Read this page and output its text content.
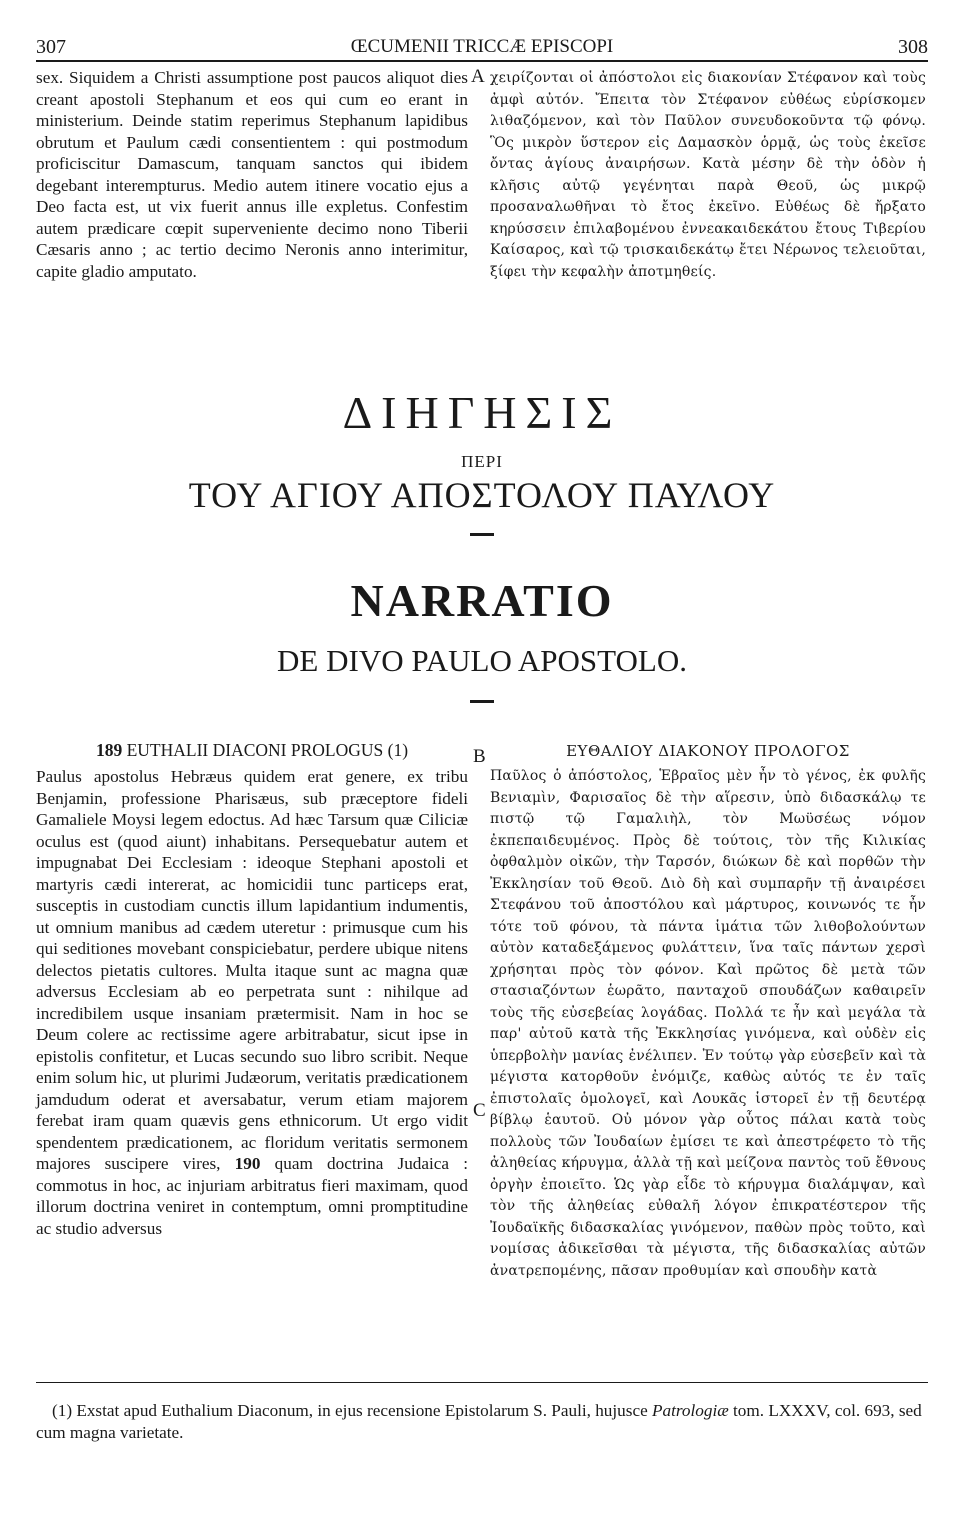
307	ŒCUMENII TRICCÆ EPISCOPI	308

sex. Siquidem a Christi assumptione post paucos aliquot dies creant apostoli Stephanum et eos qui cum eo erant in ministerium. Deinde statim reperimus Stephanum lapidibus obrutum et Paulum cædi consentientem : qui postmodum proficiscitur Damascum, tanquam sanctos qui ibidem degebant interempturus. Medio autem itinere vocatio ejus a Deo facta est, ut vix fuerit annus ille expletus. Confestim autem prædicare cœpit superveniente decimo nono Tiberii Cæsaris anno ; ac tertio decimo Neronis anno interimitur, capite gladio amputato.

A χειρίζονται οἱ ἀπόστολοι εἰς διακονίαν Στέφανον καὶ τοὺς ἀμφὶ αὐτόν. Ἔπειτα τὸν Στέφανον εὐθέως εὑρίσκομεν λιθαζόμενον, καὶ τὸν Παῦλον συνευδοκοῦντα τῷ φόνῳ. Ὃς μικρὸν ὕστερον εἰς Δαμασκὸν ὁρμᾷ, ὡς τοὺς ἐκεῖσε ὄντας ἁγίους ἀναιρήσων. Κατὰ μέσην δὲ τὴν ὁδὸν ἡ κλῆσις αὐτῷ γεγένηται παρὰ Θεοῦ, ὡς μικρῷ προσαναλωθῆναι τὸ ἔτος ἐκεῖνο. Εὐθέως δὲ ἤρξατο κηρύσσειν ἐπιλαβομένου ἐννεακαιδεκάτου ἔτους Τιβερίου Καίσαρος, καὶ τῷ τρισκαιδεκάτῳ ἔτει Νέρωνος τελειοῦται, ξίφει τὴν κεφαλὴν ἀποτμηθείς.

ΔΙΗΓΗΣΙΣ
ΠΕΡΙ
ΤΟΥ ΑΓΙΟΥ ΑΠΟΣΤΟΛΟΥ ΠΑΥΛΟΥ
NARRATIO
DE DIVO PAULO APOSTOLO.
189 EUTHALII DIACONI PROLOGUS (1)	B	ΕΥΘΑΛΙΟΥ ΔΙΑΚΟΝΟΥ ΠΡΟΛΟΓΟΣ

Paulus apostolus Hebræus quidem erat genere, ex tribu Benjamin, professione Pharisæus, sub præceptore fideli Gamaliele Moysi legem edoctus. Ad hæc Tarsum quæ Ciliciæ oculus est (quod aiunt) inhabitans. Persequebatur autem et impugnabat Dei Ecclesiam : ideoque Stephani apostoli et martyris cædi intererat, ac homicidii tunc particeps erat, susceptis in custodiam cunctis illum lapidantium indumentis, ut omnium manibus ad cædem uteretur : primusque cum his qui seditiones movebant conspiciebatur, perdere ubique nitens delectos pietatis cultores. Multa itaque sunt ac magna quæ adversus Ecclesiam ab eo perpetrata sunt : nihilque ad incredibilem usque insaniam prætermisit. Nam in hoc se Deum colere ac rectissime agere arbitrabatur, sicut ipse in epistolis confitetur, et Lucas secundo suo libro scribit. Neque enim solum hic, ut plurimi Judæorum, veritatis prædicationem jamdudum oderat et aversabatur, verum etiam majorem ferebat iram quam quævis gens ethnicorum. Ut ergo vidit spendentem prædicationem, ac floridum veritatis sermonem majores suscipere vires, 190 quam doctrina Judaica : commotus in hoc, ac injuriam arbitratus fieri maximam, quod illorum doctrina veniret in contemptum, omni promptitudine ac studio adversus

C

Παῦλος ὁ ἀπόστολος, Ἑβραῖος μὲν ἦν τὸ γένος, ἐκ φυλῆς Βενιαμὶν, Φαρισαῖος δὲ τὴν αἵρεσιν, ὑπὸ διδασκάλῳ τε πιστῷ τῷ Γαμαλιὴλ, τὸν Μωϋσέως νόμον ἐκπεπαιδευμένος. Πρὸς δὲ τούτοις, τὸν τῆς Κιλικίας ὀφθαλμὸν οἰκῶν, τὴν Ταρσόν, διώκων δὲ καὶ πορθῶν τὴν Ἐκκλησίαν τοῦ Θεοῦ. Διὸ δὴ καὶ συμπαρῆν τῇ ἀναιρέσει Στεφάνου τοῦ ἀποστόλου καὶ μάρτυρος, κοινωνός τε ἦν τότε τοῦ φόνου, τὰ πάντα ἱμάτια τῶν λιθοβολούντων αὐτὸν καταδεξάμενος φυλάττειν, ἵνα ταῖς πάντων χερσὶ χρήσηται πρὸς τὸν φόνον. Καὶ πρῶτος δὲ μετὰ τῶν στασιαζόντων ἑωρᾶτο, πανταχοῦ σπουδάζων καθαιρεῖν τοὺς τῆς εὐσεβείας λογάδας. Πολλά τε ἦν καὶ μεγάλα τὰ παρ' αὐτοῦ κατὰ τῆς Ἐκκλησίας γινόμενα, καὶ οὐδὲν εἰς ὑπερβολὴν μανίας ἐνέλιπεν. Ἐν τούτῳ γὰρ εὐσεβεῖν καὶ τὰ μέγιστα κατορθοῦν ἐνόμιζε, καθὼς αὐτός τε ἐν ταῖς ἐπιστολαῖς ὁμολογεῖ, καὶ Λουκᾶς ἱστορεῖ ἐν τῇ δευτέρᾳ βίβλῳ ἑαυτοῦ. Οὐ μόνον γὰρ οὗτος πάλαι κατὰ τοὺς πολλοὺς τῶν Ἰουδαίων ἐμίσει τε καὶ ἀπεστρέφετο τὸ τῆς ἀληθείας κήρυγμα, ἀλλὰ τῇ καὶ μείζονα παντὸς τοῦ ἔθνους ὀργὴν ἐποιεῖτο. Ὡς γὰρ εἶδε τὸ κήρυγμα διαλάμψαν, καὶ τὸν τῆς ἀληθείας εὐθαλῆ λόγον ἐπικρατέστερον τῆς Ἰουδαϊκῆς διδασκαλίας γινόμενον, παθὼν πρὸς τοῦτο, καὶ νομίσας ἀδικεῖσθαι τὰ μέγιστα, τῆς διδασκαλίας αὐτῶν ἀνατρεπομένης, πᾶσαν προθυμίαν καὶ σπουδὴν κατὰ

(1) Exstat apud Euthalium Diaconum, in ejus recensione Epistolarum S. Pauli, hujusce Patrologiæ tom. LXXXV, col. 693, sed cum magna varietate.
